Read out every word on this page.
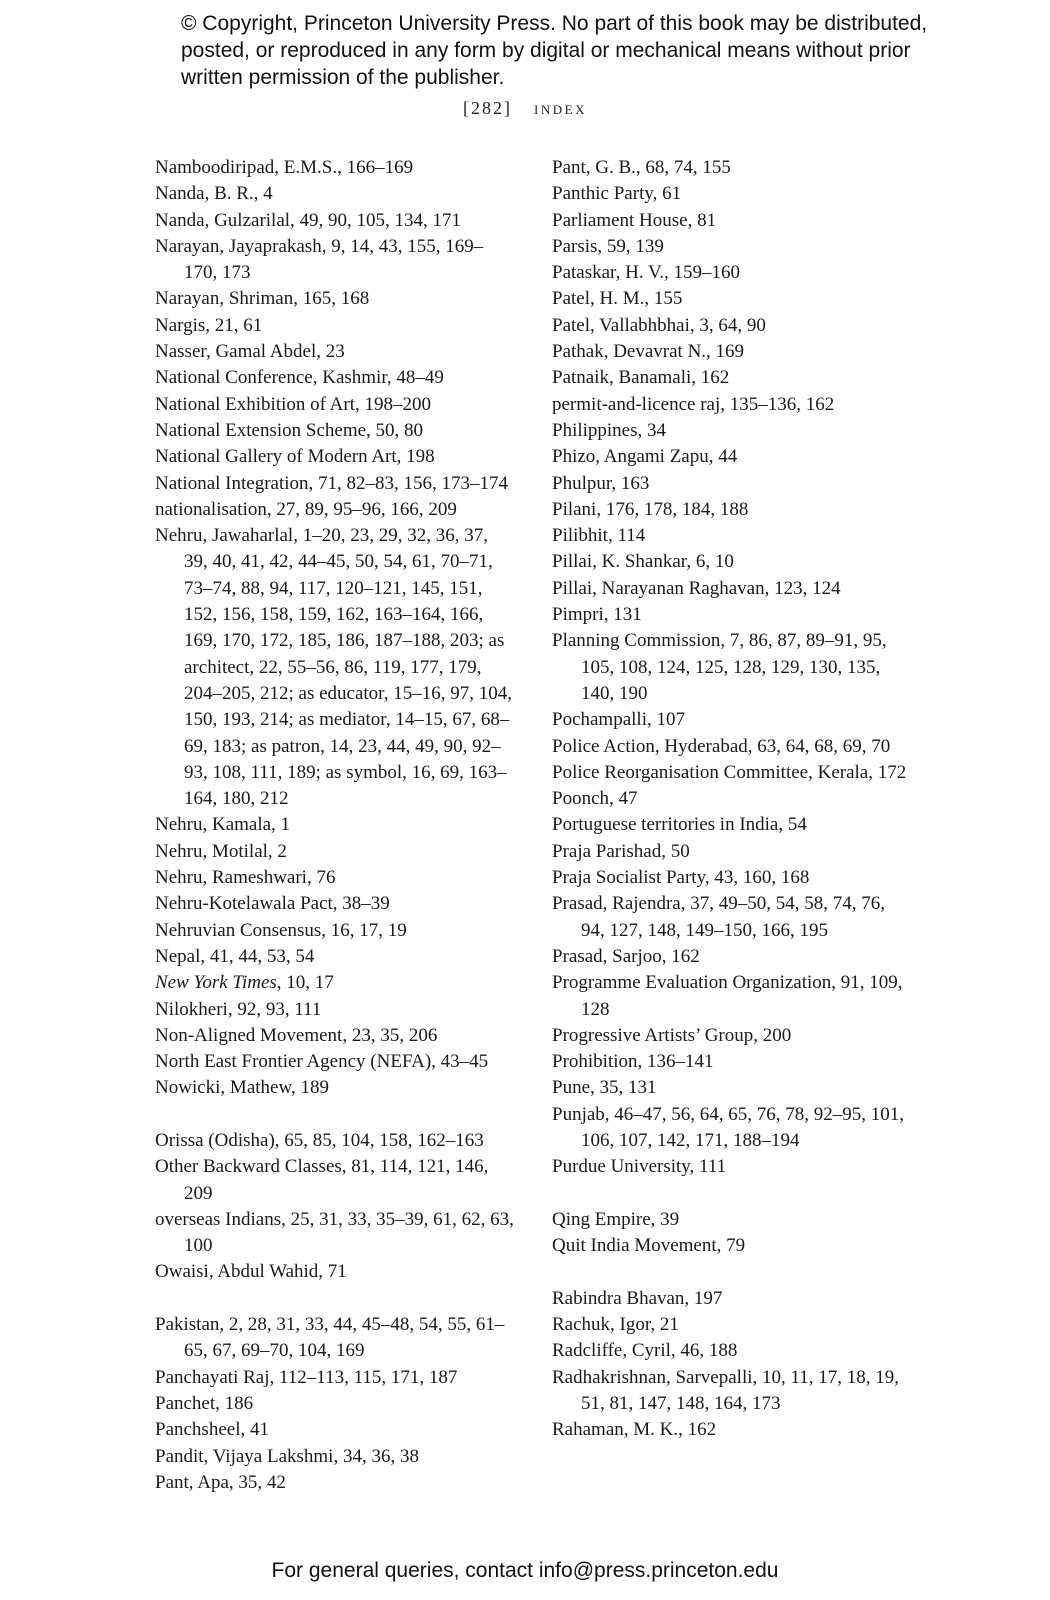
© Copyright, Princeton University Press. No part of this book may be distributed, posted, or reproduced in any form by digital or mechanical means without prior written permission of the publisher.
[282] index

Namboodiripad, E.M.S., 166–169

Nanda, B. R., 4

Nanda, Gulzarilal, 49, 90, 105, 134, 171

Narayan, Jayaprakash, 9, 14, 43, 155, 169–170, 173

Narayan, Shriman, 165, 168

Nargis, 21, 61

Nasser, Gamal Abdel, 23

National Conference, Kashmir, 48–49

National Exhibition of Art, 198–200

National Extension Scheme, 50, 80

National Gallery of Modern Art, 198

National Integration, 71, 82–83, 156, 173–174

nationalisation, 27, 89, 95–96, 166, 209

Nehru, Jawaharlal, 1–20, 23, 29, 32, 36, 37, 39, 40, 41, 42, 44–45, 50, 54, 61, 70–71, 73–74, 88, 94, 117, 120–121, 145, 151, 152, 156, 158, 159, 162, 163–164, 166, 169, 170, 172, 185, 186, 187–188, 203; as architect, 22, 55–56, 86, 119, 177, 179, 204–205, 212; as educator, 15–16, 97, 104, 150, 193, 214; as mediator, 14–15, 67, 68–69, 183; as patron, 14, 23, 44, 49, 90, 92–93, 108, 111, 189; as symbol, 16, 69, 163–164, 180, 212

Nehru, Kamala, 1

Nehru, Motilal, 2

Nehru, Rameshwari, 76

Nehru-Kotelawala Pact, 38–39

Nehruvian Consensus, 16, 17, 19

Nepal, 41, 44, 53, 54

New York Times, 10, 17

Nilokheri, 92, 93, 111

Non-Aligned Movement, 23, 35, 206

North East Frontier Agency (NEFA), 43–45

Nowicki, Mathew, 189

Orissa (Odisha), 65, 85, 104, 158, 162–163

Other Backward Classes, 81, 114, 121, 146, 209

overseas Indians, 25, 31, 33, 35–39, 61, 62, 63, 100

Owaisi, Abdul Wahid, 71

Pakistan, 2, 28, 31, 33, 44, 45–48, 54, 55, 61–65, 67, 69–70, 104, 169

Panchayati Raj, 112–113, 115, 171, 187

Panchet, 186

Panchsheel, 41

Pandit, Vijaya Lakshmi, 34, 36, 38

Pant, Apa, 35, 42

Pant, G. B., 68, 74, 155

Panthic Party, 61

Parliament House, 81

Parsis, 59, 139

Pataskar, H. V., 159–160

Patel, H. M., 155

Patel, Vallabhbhai, 3, 64, 90

Pathak, Devavrat N., 169

Patnaik, Banamali, 162

permit-and-licence raj, 135–136, 162

Philippines, 34

Phizo, Angami Zapu, 44

Phulpur, 163

Pilani, 176, 178, 184, 188

Pilibhit, 114

Pillai, K. Shankar, 6, 10

Pillai, Narayanan Raghavan, 123, 124

Pimpri, 131

Planning Commission, 7, 86, 87, 89–91, 95, 105, 108, 124, 125, 128, 129, 130, 135, 140, 190

Pochampalli, 107

Police Action, Hyderabad, 63, 64, 68, 69, 70

Police Reorganisation Committee, Kerala, 172

Poonch, 47

Portuguese territories in India, 54

Praja Parishad, 50

Praja Socialist Party, 43, 160, 168

Prasad, Rajendra, 37, 49–50, 54, 58, 74, 76, 94, 127, 148, 149–150, 166, 195

Prasad, Sarjoo, 162

Programme Evaluation Organization, 91, 109, 128

Progressive Artists’ Group, 200

Prohibition, 136–141

Pune, 35, 131

Punjab, 46–47, 56, 64, 65, 76, 78, 92–95, 101, 106, 107, 142, 171, 188–194

Purdue University, 111

Qing Empire, 39

Quit India Movement, 79

Rabindra Bhavan, 197

Rachuk, Igor, 21

Radcliffe, Cyril, 46, 188

Radhakrishnan, Sarvepalli, 10, 11, 17, 18, 19, 51, 81, 147, 148, 164, 173

Rahaman, M. K., 162

For general queries, contact info@press.princeton.edu
